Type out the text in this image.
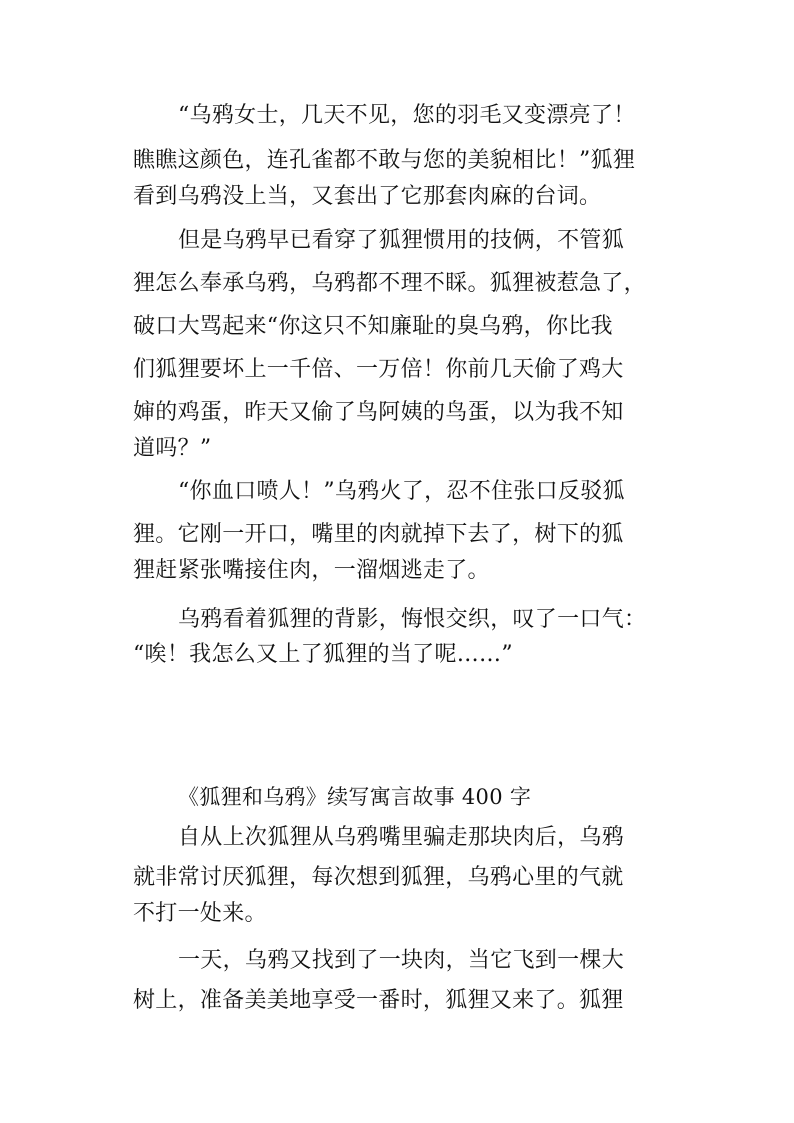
“乌鸦女士，几天不见，您的羽毛又变漂亮了！
瞧瞧这颜色，连孔雀都不敢与您的美貌相比！”狐狸
看到乌鸦没上当，又套出了它那套肉麻的台词。
但是乌鸦早已看穿了狐狸惯用的技俩，不管狐
狸怎么奉承乌鸦，乌鸦都不理不睬。狐狸被惹急了，
破口大骂起来“你这只不知廉耻的臭乌鸦，你比我
们狐狸要坏上一千倍、一万倍！你前几天偷了鸡大
婶的鸡蛋，昨天又偷了鸟阿姨的鸟蛋，以为我不知
道吗？”
“你血口喷人！”乌鸦火了，忍不住张口反驳狐
狸。它刚一开口，嘴里的肉就掉下去了，树下的狐
狸赶紧张嘴接住肉，一溜烟逃走了。
乌鸦看着狐狸的背影，悔恨交织，叹了一口气：
“唉！我怎么又上了狐狸的当了呢……”
《狐狸和乌鸦》续写寓言故事 400 字
自从上次狐狸从乌鸦嘴里骗走那块肉后，乌鸦
就非常讨厌狐狸，每次想到狐狸，乌鸦心里的气就
不打一处来。
一天，乌鸦又找到了一块肉，当它飞到一棵大
树上，准备美美地享受一番时，狐狸又来了。狐狸
